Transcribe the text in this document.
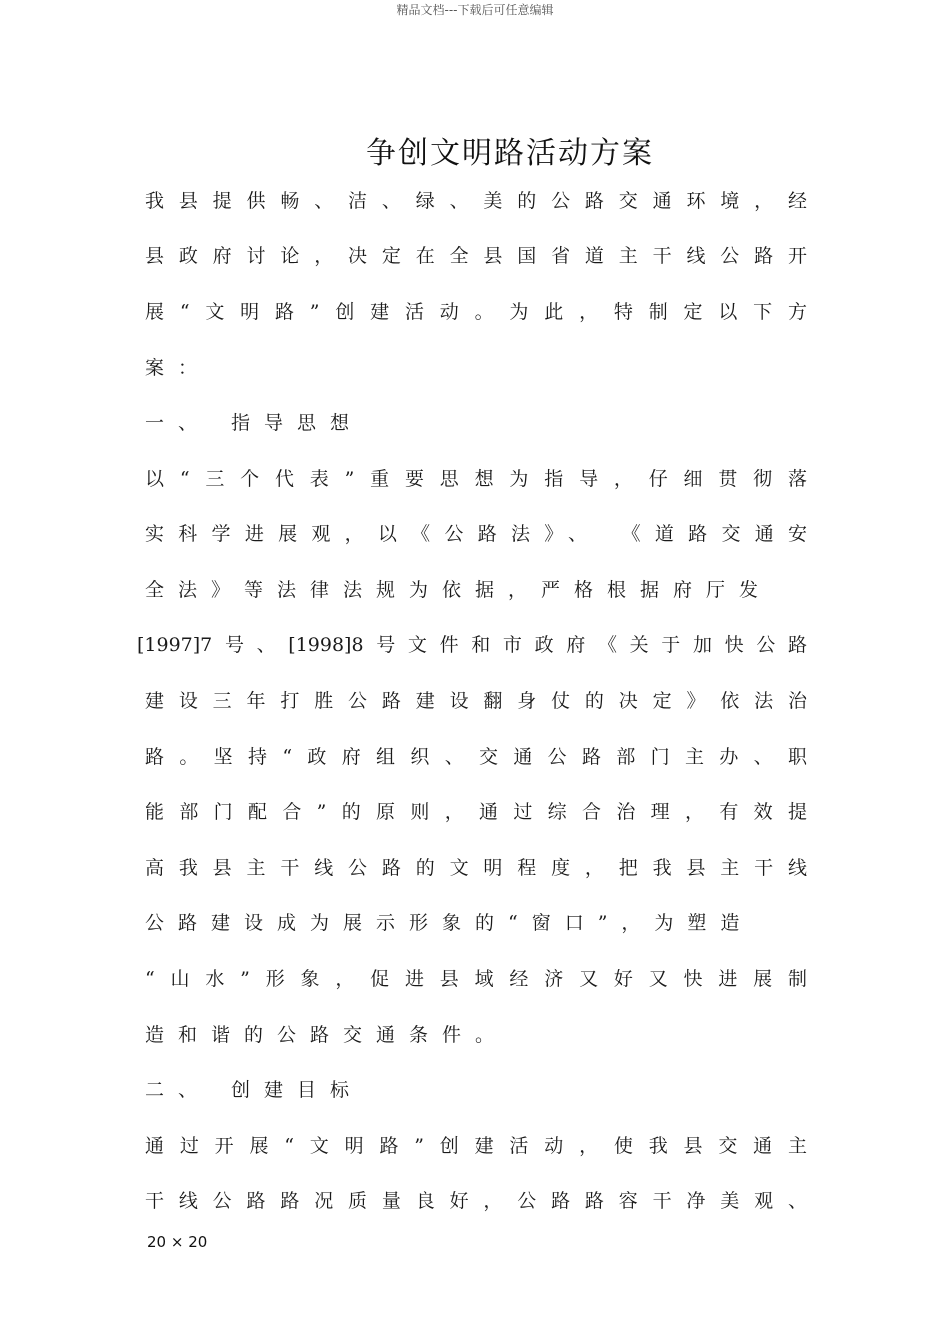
精品文档---下载后可任意编辑
争创文明路活动方案
我县提供畅、洁、绿、美的公路交通环境，经
县政府讨论，决定在全县国省道主干线公路开
展“文明路”创建活动。为此，特制定以下方
案：
一、 指导思想
以“三个代表”重要思想为指导，仔细贯彻落
实科学进展观，以《公路法》、 《道路交通安
全法》等法律法规为依据，严格根据府厅发
[1997]7号、[1998]8号文件和市政府《关于加快公路
建设三年打胜公路建设翻身仗的决定》依法治
路。坚持“政府组织、交通公路部门主办、职
能部门配合”的原则，通过综合治理，有效提
高我县主干线公路的文明程度，把我县主干线
公路建设成为展示形象的“窗口”，为塑造
“山水”形象，促进县域经济又好又快进展制
造和谐的公路交通条件。
二、 创建目标
通过开展“文明路”创建活动，使我县交通主
干线公路路况质量良好，公路路容干净美观、
20 × 20
